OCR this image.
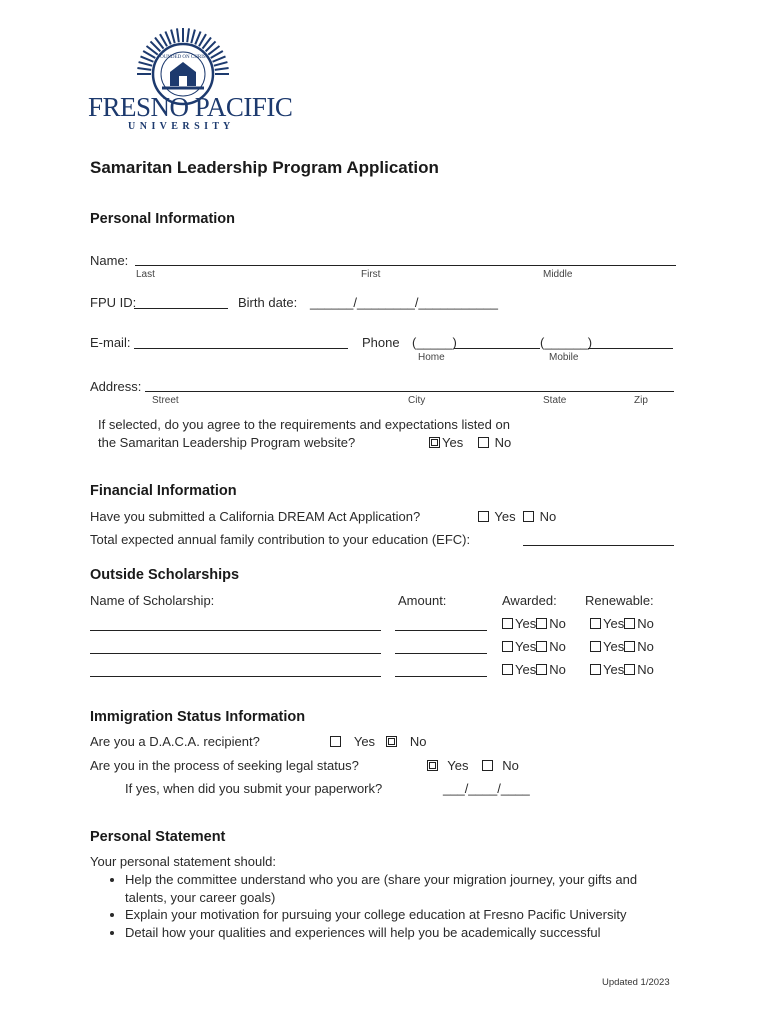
FOUNDED ON CHRIST
FRESNO PACIFIC
U N I V E R S I T Y
Samaritan Leadership Program Application
Personal Information
Name:
Last	First	Middle
FPU ID:	Birth date: ______/________/___________
E-mail:	Phone (_____)	(______)
Home	Mobile
Address:
Street	City	State	Zip
If selected, do you agree to the requirements and expectations listed on
the Samaritan Leadership Program website?	Yes	No
Financial Information
Have you submitted a California DREAM Act Application?	Yes	No
Total expected annual family contribution to your education (EFC):
Outside Scholarships
Name of Scholarship:	Amount:	Awarded: Renewable:
Yes No	Yes No
Yes No	Yes No
Yes No	Yes No
Immigration Status Information
Are you a D.A.C.A. recipient?	Yes	No
Are you in the process of seeking legal status?	Yes	No
If yes, when did you submit your paperwork?	___/____/____
Personal Statement
Your personal statement should:
• Help the committee understand who you are (share your migration journey, your gifts and talents, your career goals)
• Explain your motivation for pursuing your college education at Fresno Pacific University
• Detail how your qualities and experiences will help you be academically successful
Updated 1/2023
